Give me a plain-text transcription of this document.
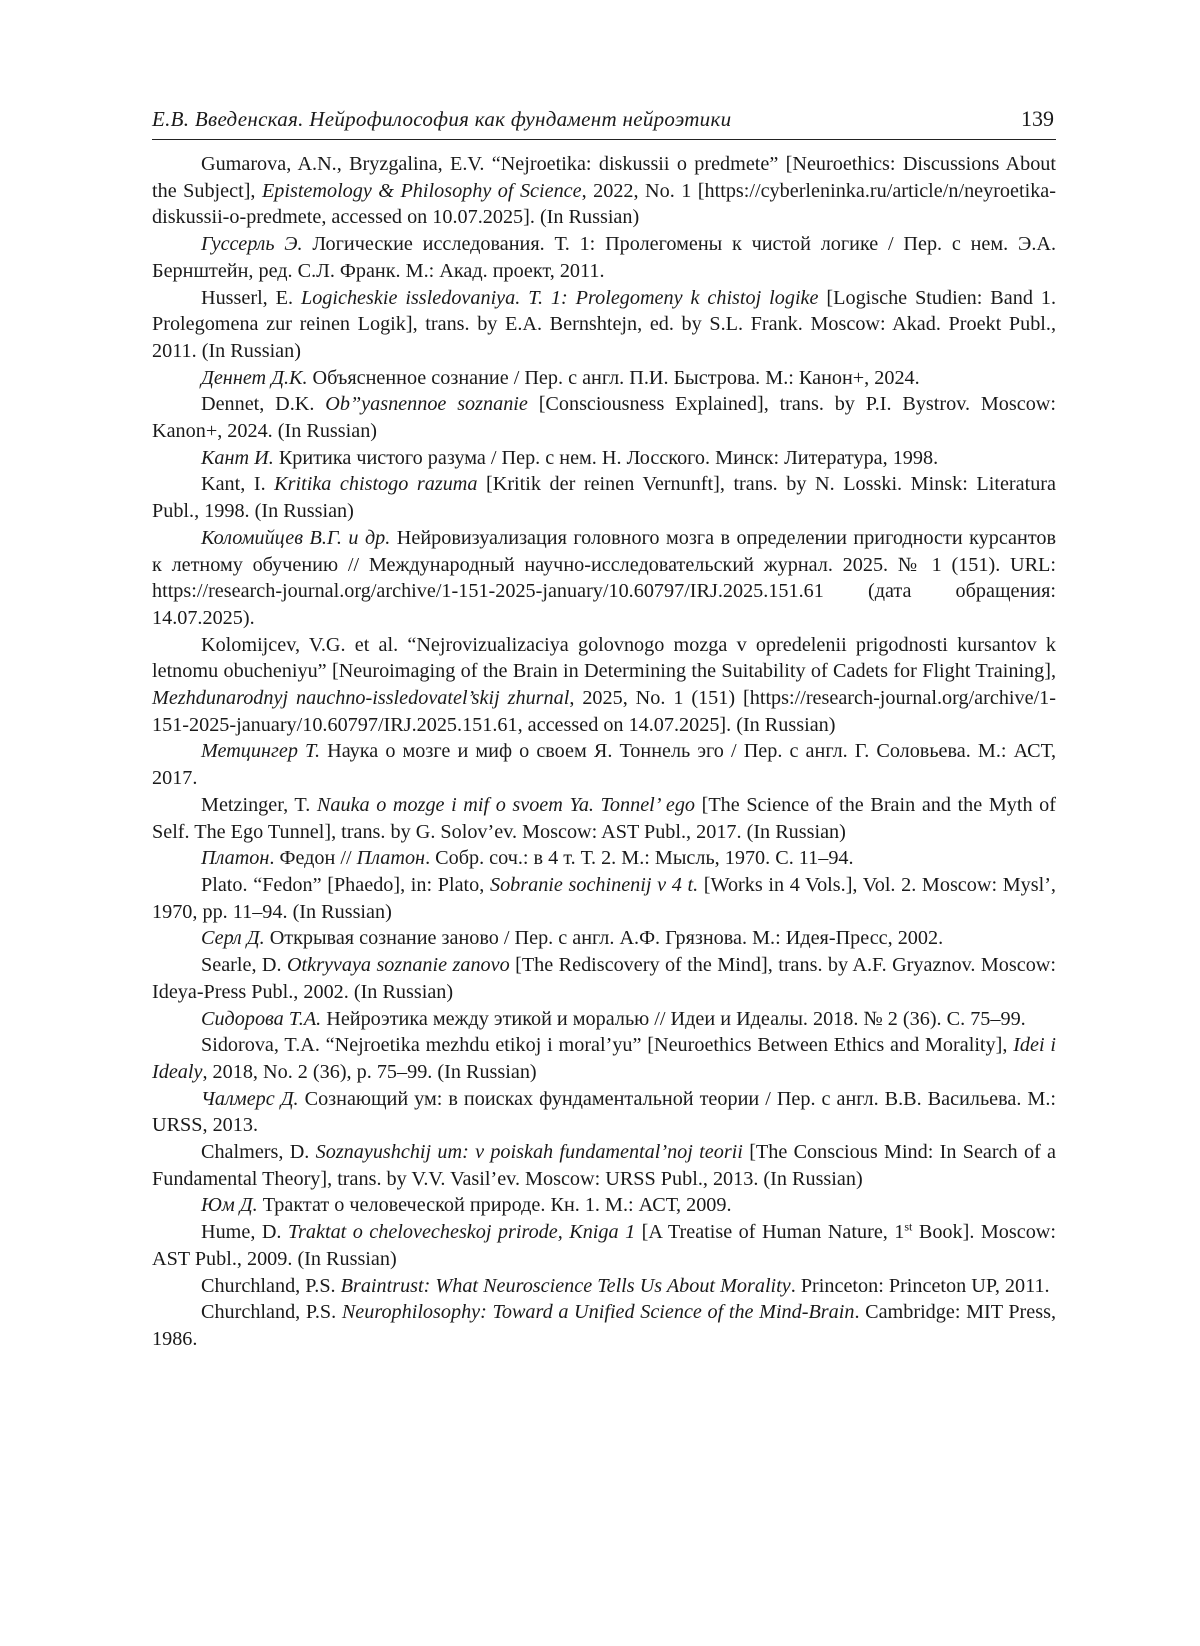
Е.В. Введенская. Нейрофилософия как фундамент нейроэтики	139

Gumarova, A.N., Bryzgalina, E.V. “Nejroetika: diskussii o predmete” [Neuroethics: Discussions About the Subject], Epistemology & Philosophy of Science, 2022, No. 1 [https://cyberleninka.ru/article/n/neyroetika-diskussii-o-predmete, accessed on 10.07.2025]. (In Russian)

Гуссерль Э. Логические исследования. Т. 1: Пролегомены к чистой логике / Пер. с нем. Э.А. Бернштейн, ред. С.Л. Франк. М.: Акад. проект, 2011.

Husserl, E. Logicheskie issledovaniya. T. 1: Prolegomeny k chistoj logike [Logische Studien: Band 1. Prolegomena zur reinen Logik], trans. by E.A. Bernshtejn, ed. by S.L. Frank. Moscow: Akad. Proekt Publ., 2011. (In Russian)

Деннет Д.К. Объясненное сознание / Пер. с англ. П.И. Быстрова. М.: Канон+, 2024.

Dennet, D.K. Ob”yasnennoe soznanie [Consciousness Explained], trans. by P.I. Bystrov. Moscow: Kanon+, 2024. (In Russian)

Кант И. Критика чистого разума / Пер. с нем. Н. Лосского. Минск: Литература, 1998.

Kant, I. Kritika chistogo razuma [Kritik der reinen Vernunft], trans. by N. Losski. Minsk: Literatura Publ., 1998. (In Russian)

Коломийцев В.Г. и др. Нейровизуализация головного мозга в определении пригодности курсантов к летному обучению // Международный научно-исследовательский журнал. 2025. № 1 (151). URL: https://research-journal.org/archive/1-151-2025-january/10.60797/IRJ.2025.151.61 (дата обращения: 14.07.2025).

Kolomijcev, V.G. et al. “Nejrovizualizaciya golovnogo mozga v opredelenii prigodnosti kursantov k letnomu obucheniyu” [Neuroimaging of the Brain in Determining the Suitability of Cadets for Flight Training], Mezhdunarodnyj nauchno-issledovatel’skij zhurnal, 2025, No. 1 (151) [https://research-journal.org/archive/1-151-2025-january/10.60797/IRJ.2025.151.61, accessed on 14.07.2025]. (In Russian)

Метцингер Т. Наука о мозге и миф о своем Я. Тоннель эго / Пер. с англ. Г. Соловьева. М.: АСТ, 2017.

Metzinger, T. Nauka o mozge i mif o svoem Ya. Tonnel’ ego [The Science of the Brain and the Myth of Self. The Ego Tunnel], trans. by G. Solov’ev. Moscow: AST Publ., 2017. (In Russian)

Платон. Федон // Платон. Собр. соч.: в 4 т. Т. 2. М.: Мысль, 1970. С. 11–94.

Plato. “Fedon” [Phaedo], in: Plato, Sobranie sochinenij v 4 t. [Works in 4 Vols.], Vol. 2. Moscow: Mysl’, 1970, pp. 11–94. (In Russian)

Серл Д. Открывая сознание заново / Пер. с англ. А.Ф. Грязнова. М.: Идея-Пресс, 2002.

Searle, D. Otkryvaya soznanie zanovo [The Rediscovery of the Mind], trans. by A.F. Gryaznov. Moscow: Ideya-Press Publ., 2002. (In Russian)

Сидорова Т.А. Нейроэтика между этикой и моралью // Идеи и Идеалы. 2018. № 2 (36). С. 75–99.

Sidorova, T.A. “Nejroetika mezhdu etikoj i moral’yu” [Neuroethics Between Ethics and Morality], Idei i Idealy, 2018, No. 2 (36), p. 75–99. (In Russian)

Чалмерс Д. Сознающий ум: в поисках фундаментальной теории / Пер. с англ. В.В. Васильева. М.: URSS, 2013.

Chalmers, D. Soznayushchij um: v poiskah fundamental’noj teorii [The Conscious Mind: In Search of a Fundamental Theory], trans. by V.V. Vasil’ev. Moscow: URSS Publ., 2013. (In Russian)

Юм Д. Трактат о человеческой природе. Кн. 1. М.: АСТ, 2009.

Hume, D. Traktat o chelovecheskoj prirode, Kniga 1 [A Treatise of Human Nature, 1st Book]. Moscow: AST Publ., 2009. (In Russian)

Churchland, P.S. Braintrust: What Neuroscience Tells Us About Morality. Princeton: Princeton UP, 2011.

Churchland, P.S. Neurophilosophy: Toward a Unified Science of the Mind-Brain. Cambridge: MIT Press, 1986.
